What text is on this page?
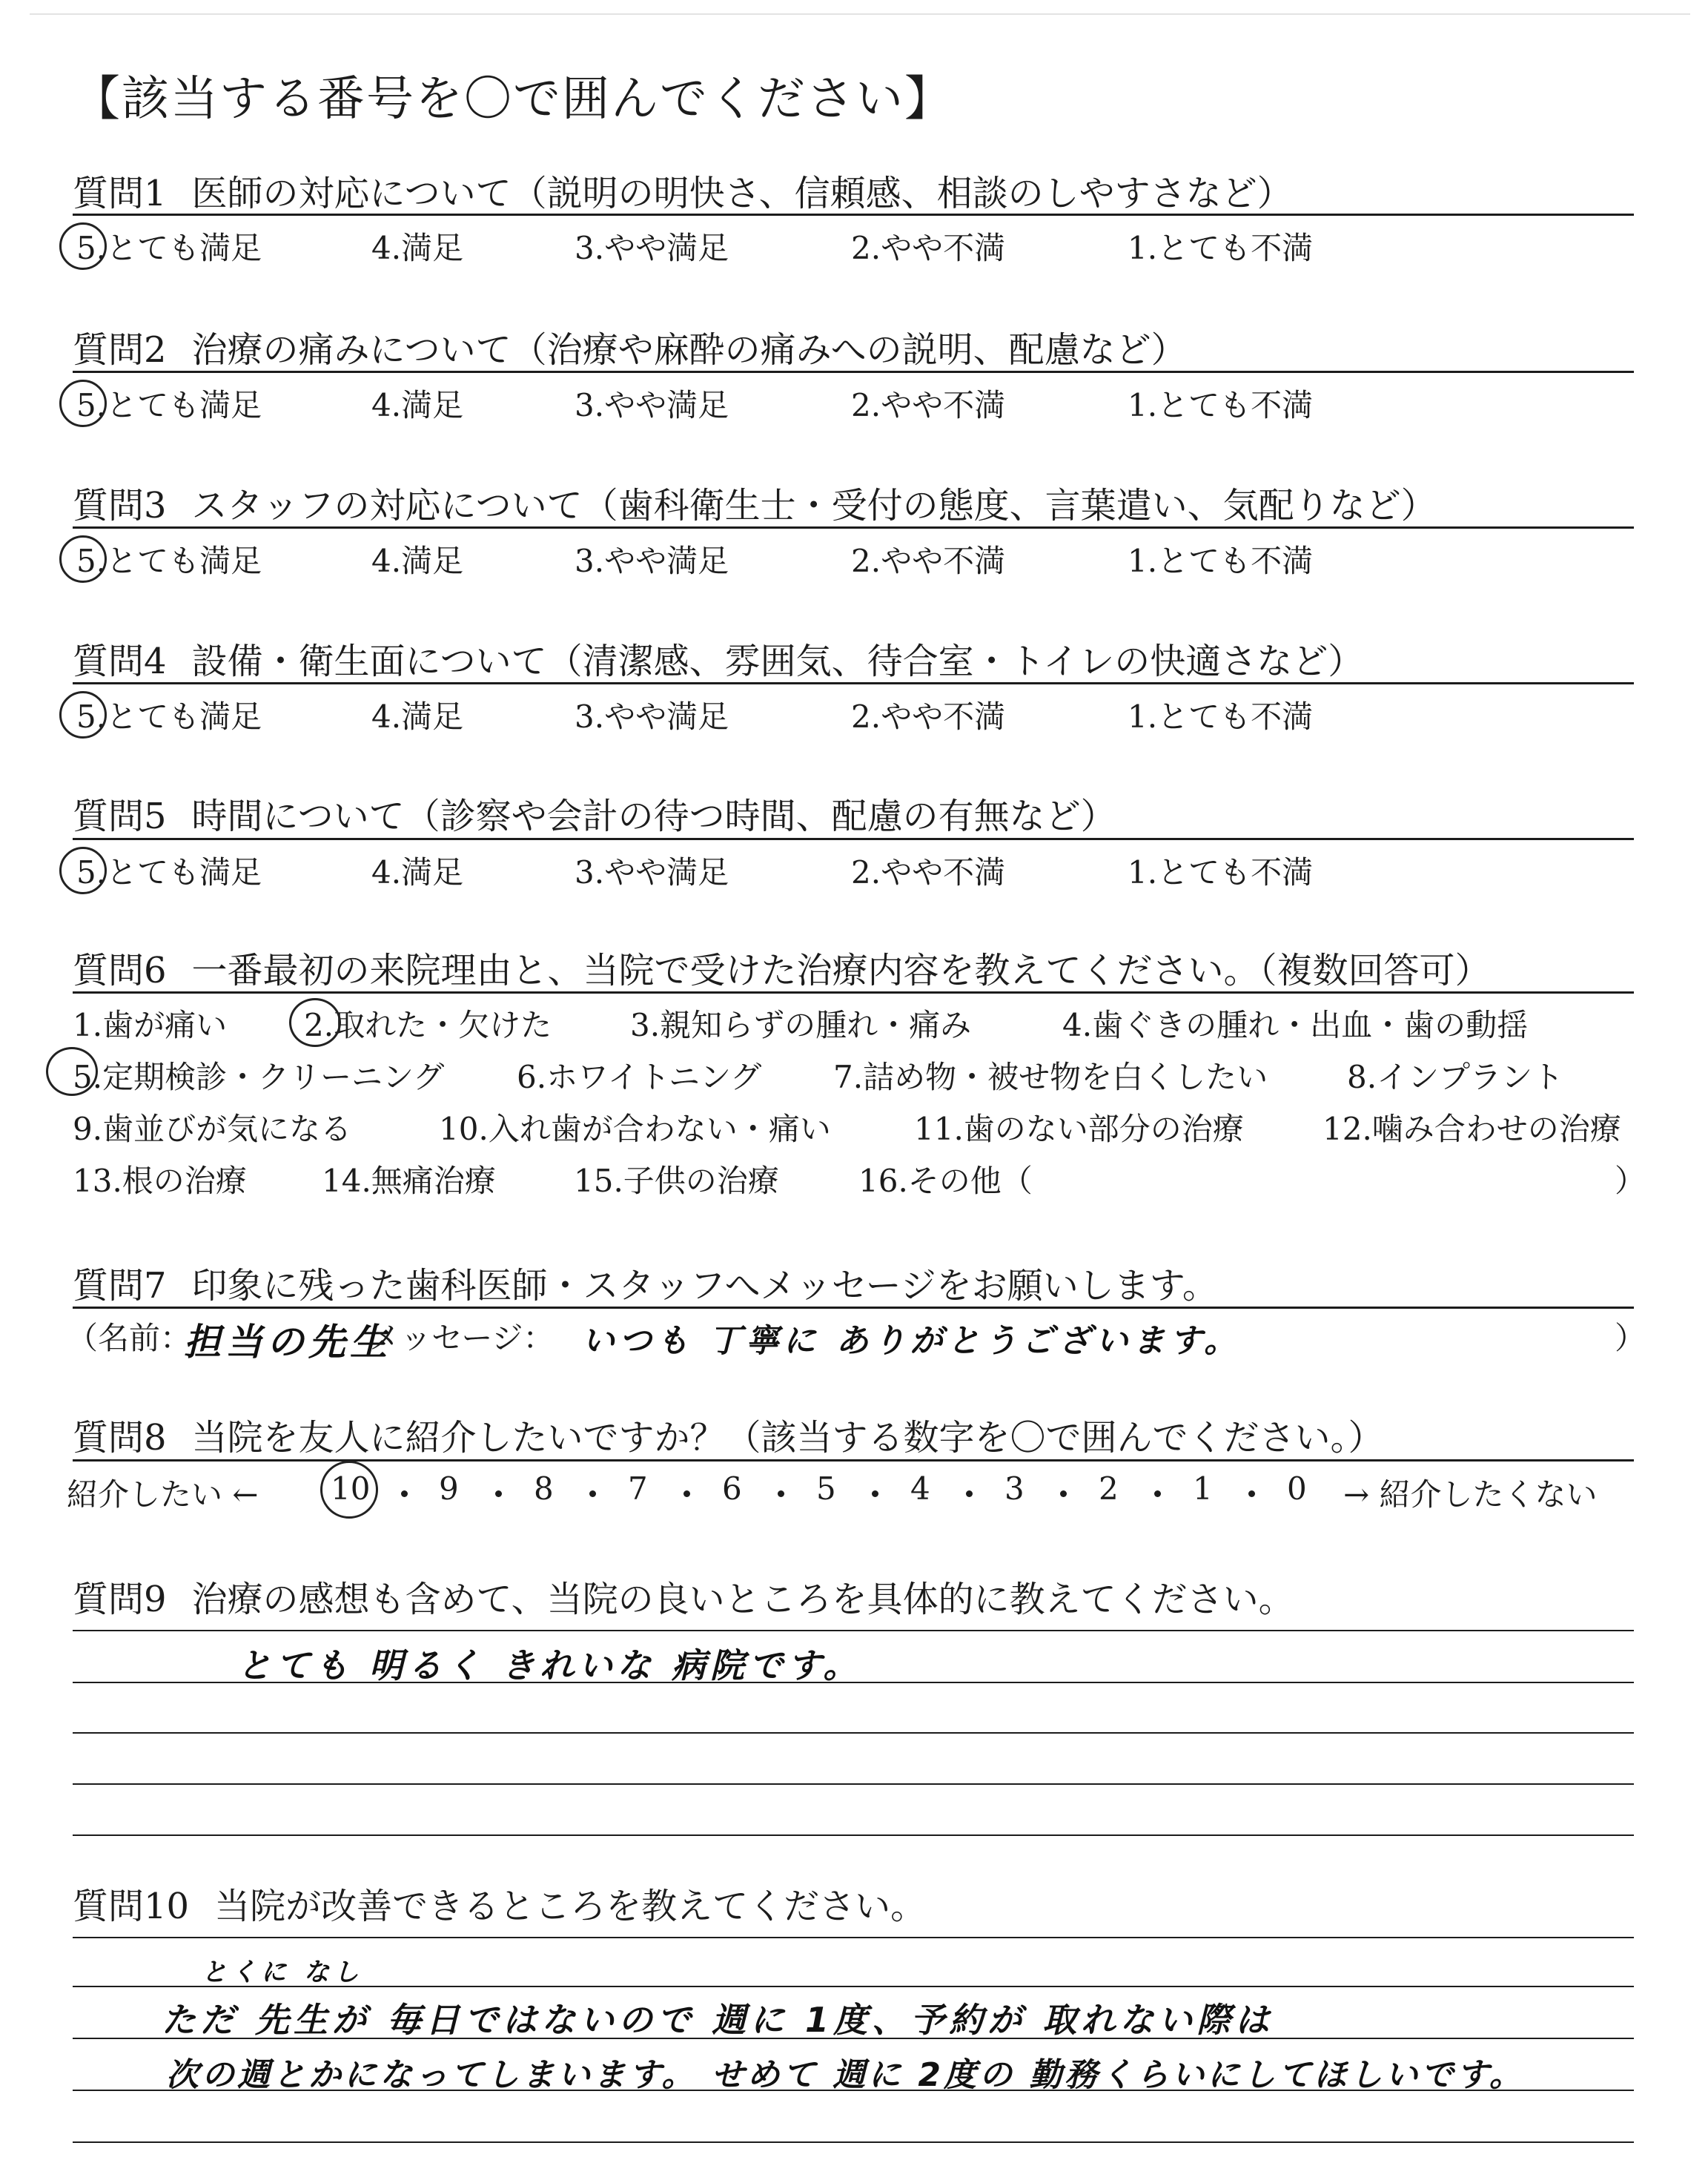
【該当する番号を〇で囲んでください】
質問1 医師の対応について（説明の明快さ、信頼感、相談のしやすさなど）
5.とても満足	4.満足	3.やや満足	2.やや不満	1.とても不満
質問2 治療の痛みについて（治療や麻酔の痛みへの説明、配慮など）
5.とても満足	4.満足	3.やや満足	2.やや不満	1.とても不満
質問3 スタッフの対応について（歯科衛生士・受付の態度、言葉遣い、気配りなど）
5.とても満足	4.満足	3.やや満足	2.やや不満	1.とても不満
質問4 設備・衛生面について（清潔感、雰囲気、待合室・トイレの快適さなど）
5.とても満足	4.満足	3.やや満足	2.やや不満	1.とても不満
質問5 時間について（診察や会計の待つ時間、配慮の有無など）
5.とても満足	4.満足	3.やや満足	2.やや不満	1.とても不満
質問6 一番最初の来院理由と、当院で受けた治療内容を教えてください。（複数回答可）
1.歯が痛い 2.取れた・欠けた	3.親知らずの腫れ・痛み	4.歯ぐきの腫れ・出血・歯の動揺
5.定期検診・クリーニング 6.ホワイトニング 7.詰め物・被せ物を白くしたい	8.インプラント
9.歯並びが気になる	10.入れ歯が合わない・痛い	11.歯のない部分の治療	12.噛み合わせの治療
13.根の治療 14.無痛治療	15.子供の治療	16.その他（	）
質問7 印象に残った歯科医師・スタッフへメッセージをお願いします。
（名前：
担当の先生
メッセージ： いつも 丁寧に ありがとうございます。	）
質問8 当院を友人に紹介したいですか？（該当する数字を〇で囲んでください。）
紹介したい ← 10 9 8 7 6 5 4 3 2 1 0 → 紹介したくない
質問9 治療の感想も含めて、当院の良いところを具体的に教えてください。
とても 明るく きれいな 病院です。
質問10 当院が改善できるところを教えてください。
とくに なし
ただ 先生が 毎日ではないので 週に 1度、予約が 取れない際は
次の週とかになってしまいます。 せめて 週に 2度の 勤務くらいにしてほしいです。
